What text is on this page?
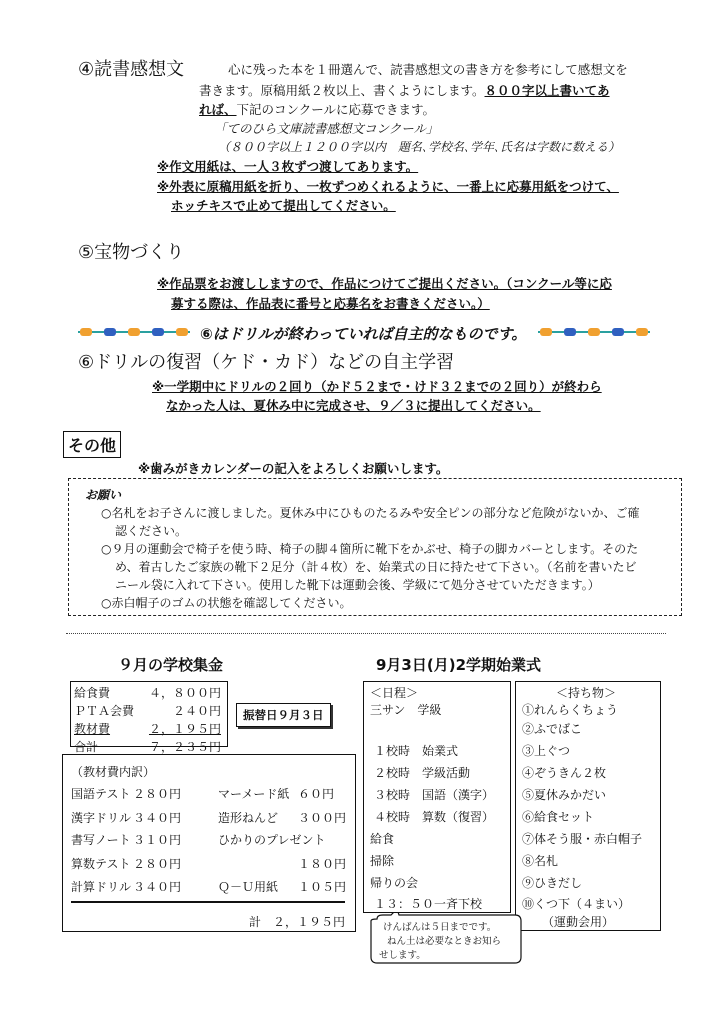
④読書感想文	心に残った本を１冊選んで、読書感想文の書き方を参考にして感想文を
書きます。原稿用紙２枚以上、書くようにします。８００字以上書いてあ
れば、下記のコンクールに応募できます。
「てのひら文庫読書感想文コンクール」
（８００字以上１２００字以内　題名､学校名､学年､氏名は字数に数える）
※作文用紙は、一人３枚ずつ渡してあります。
※外表に原稿用紙を折り、一枚ずつめくれるように、一番上に応募用紙をつけて、
ホッチキスで止めて提出してください。
⑤宝物づくり
※作品票をお渡ししますので、作品につけてご提出ください。（コンクール等に応
募する際は、作品表に番号と応募名をお書きください。）
⑥はドリルが終わっていれば自主的なものです。
⑥ドリルの復習（ケド・カド）などの自主学習
※一学期中にドリルの２回り（かド５２まで・けド３２までの２回り）が終わら
なかった人は、夏休み中に完成させ、９／３に提出してください。
その他
※歯みがきカレンダーの記入をよろしくお願いします。
お願い
○名札をお子さんに渡しました。夏休み中にひものたるみや安全ピンの部分など危険がないか、ご確
認ください。
○９月の運動会で椅子を使う時、椅子の脚４箇所に靴下をかぶせ、椅子の脚カバーとします。そのた
め、着古したご家族の靴下２足分（計４枚）を、始業式の日に持たせて下さい。（名前を書いたビ
ニール袋に入れて下さい。使用した靴下は運動会後、学級にて処分させていただきます。）
○赤白帽子のゴムの状態を確認してください。
９月の学校集金
給食費	４，８００円
ＰＴＡ会費	２４０円
教材費	２，１９５円
合計	７，２３５円
振替日９月３日
（教材費内訳）
国語テスト ２８０円	マーメード紙 ６０円
漢字ドリル ３４０円	造形ねんど ３００円
書写ノート ３１０円	ひかりのプレゼント
算数テスト ２８０円	１８０円
計算ドリル ３４０円	Ｑ－Ｕ用紙 １０５円
計　２，１９５円
9月3日(月)2学期始業式
＜日程＞
三サン　学級
１校時　始業式
２校時　学級活動
３校時　国語（漢字）
４校時　算数（復習）
給食
掃除
帰りの会
１３：５０一斉下校
＜持ち物＞
①れんらくちょう
②ふでばこ
③上ぐつ
④ぞうきん２枚
⑤夏休みかだい
⑥給食セット
⑦体そう服・赤白帽子
⑧名札
⑨ひきだし
⑩くつ下（４まい）
（運動会用）
けんばんは５日までです。
ねん土は必要なときお知ら
せします。
